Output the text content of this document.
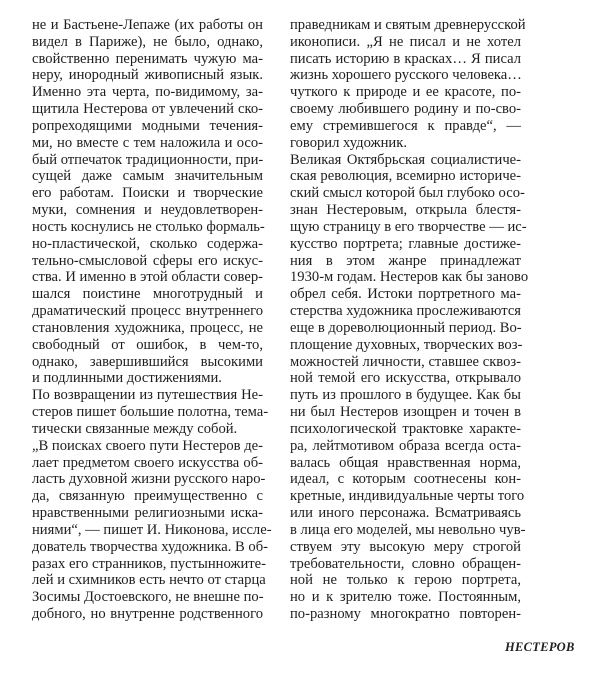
не и Бастьене-Лепаже (их работы он
видел в Париже), не было, однако,
свойственно перенимать чужую ма-
неру, инородный живописный язык.
Именно эта черта, по-видимому, за-
щитила Нестерова от увлечений ско-
ропреходящими модными течения-
ми, но вместе с тем наложила и осо-
бый отпечаток традиционности, при-
сущей даже самым значительным
его работам. Поиски и творческие
муки, сомнения и неудовлетворен-
ность коснулись не столько формаль-
но-пластической, сколько содержа-
тельно-смысловой сферы его искус-
ства. И именно в этой области совер-
шался поистине многотрудный и
драматический процесс внутреннего
становления художника, процесс, не
свободный от ошибок, в чем-то,
однако, завершившийся высокими
и подлинными достижениями.
По возвращении из путешествия Не-
стеров пишет большие полотна, тема-
тически связанные между собой.
„В поисках своего пути Нестеров де-
лает предметом своего искусства об-
ласть духовной жизни русского наро-
да, связанную преимущественно с
нравственными религиозными иска-
ниями“, — пишет И. Никонова, иссле-
дователь творчества художника. В об-
разах его странников, пустынножите-
лей и схимников есть нечто от старца
Зосимы Достоевского, не внешне по-
добного, но внутренне родственного
праведникам и святым древнерусской
иконописи. „Я не писал и не хотел
писать историю в красках… Я писал
жизнь хорошего русского человека…
чуткого к природе и ее красоте, по-
своему любившего родину и по-сво-
ему стремившегося к правде“, —
говорил художник.
Великая Октябрьская социалистиче-
ская революция, всемирно историче-
ский смысл которой был глубоко осо-
знан Нестеровым, открыла блестя-
щую страницу в его творчестве — ис-
кусство портрета; главные достиже-
ния в этом жанре принадлежат
1930-м годам. Нестеров как бы заново
обрел себя. Истоки портретного ма-
стерства художника прослеживаются
еще в дореволюционный период. Во-
площение духовных, творческих воз-
можностей личности, ставшее сквоз-
ной темой его искусства, открывало
путь из прошлого в будущее. Как бы
ни был Нестеров изощрен и точен в
психологической трактовке характе-
ра, лейтмотивом образа всегда оста-
валась общая нравственная норма,
идеал, с которым соотнесены кон-
кретные, индивидуальные черты того
или иного персонажа. Всматриваясь
в лица его моделей, мы невольно чув-
ствуем эту высокую меру строгой
требовательности, словно обращен-
ной не только к герою портрета,
но и к зрителю тоже. Постоянным,
по-разному многократно повторен-
НЕСТЕРОВ
